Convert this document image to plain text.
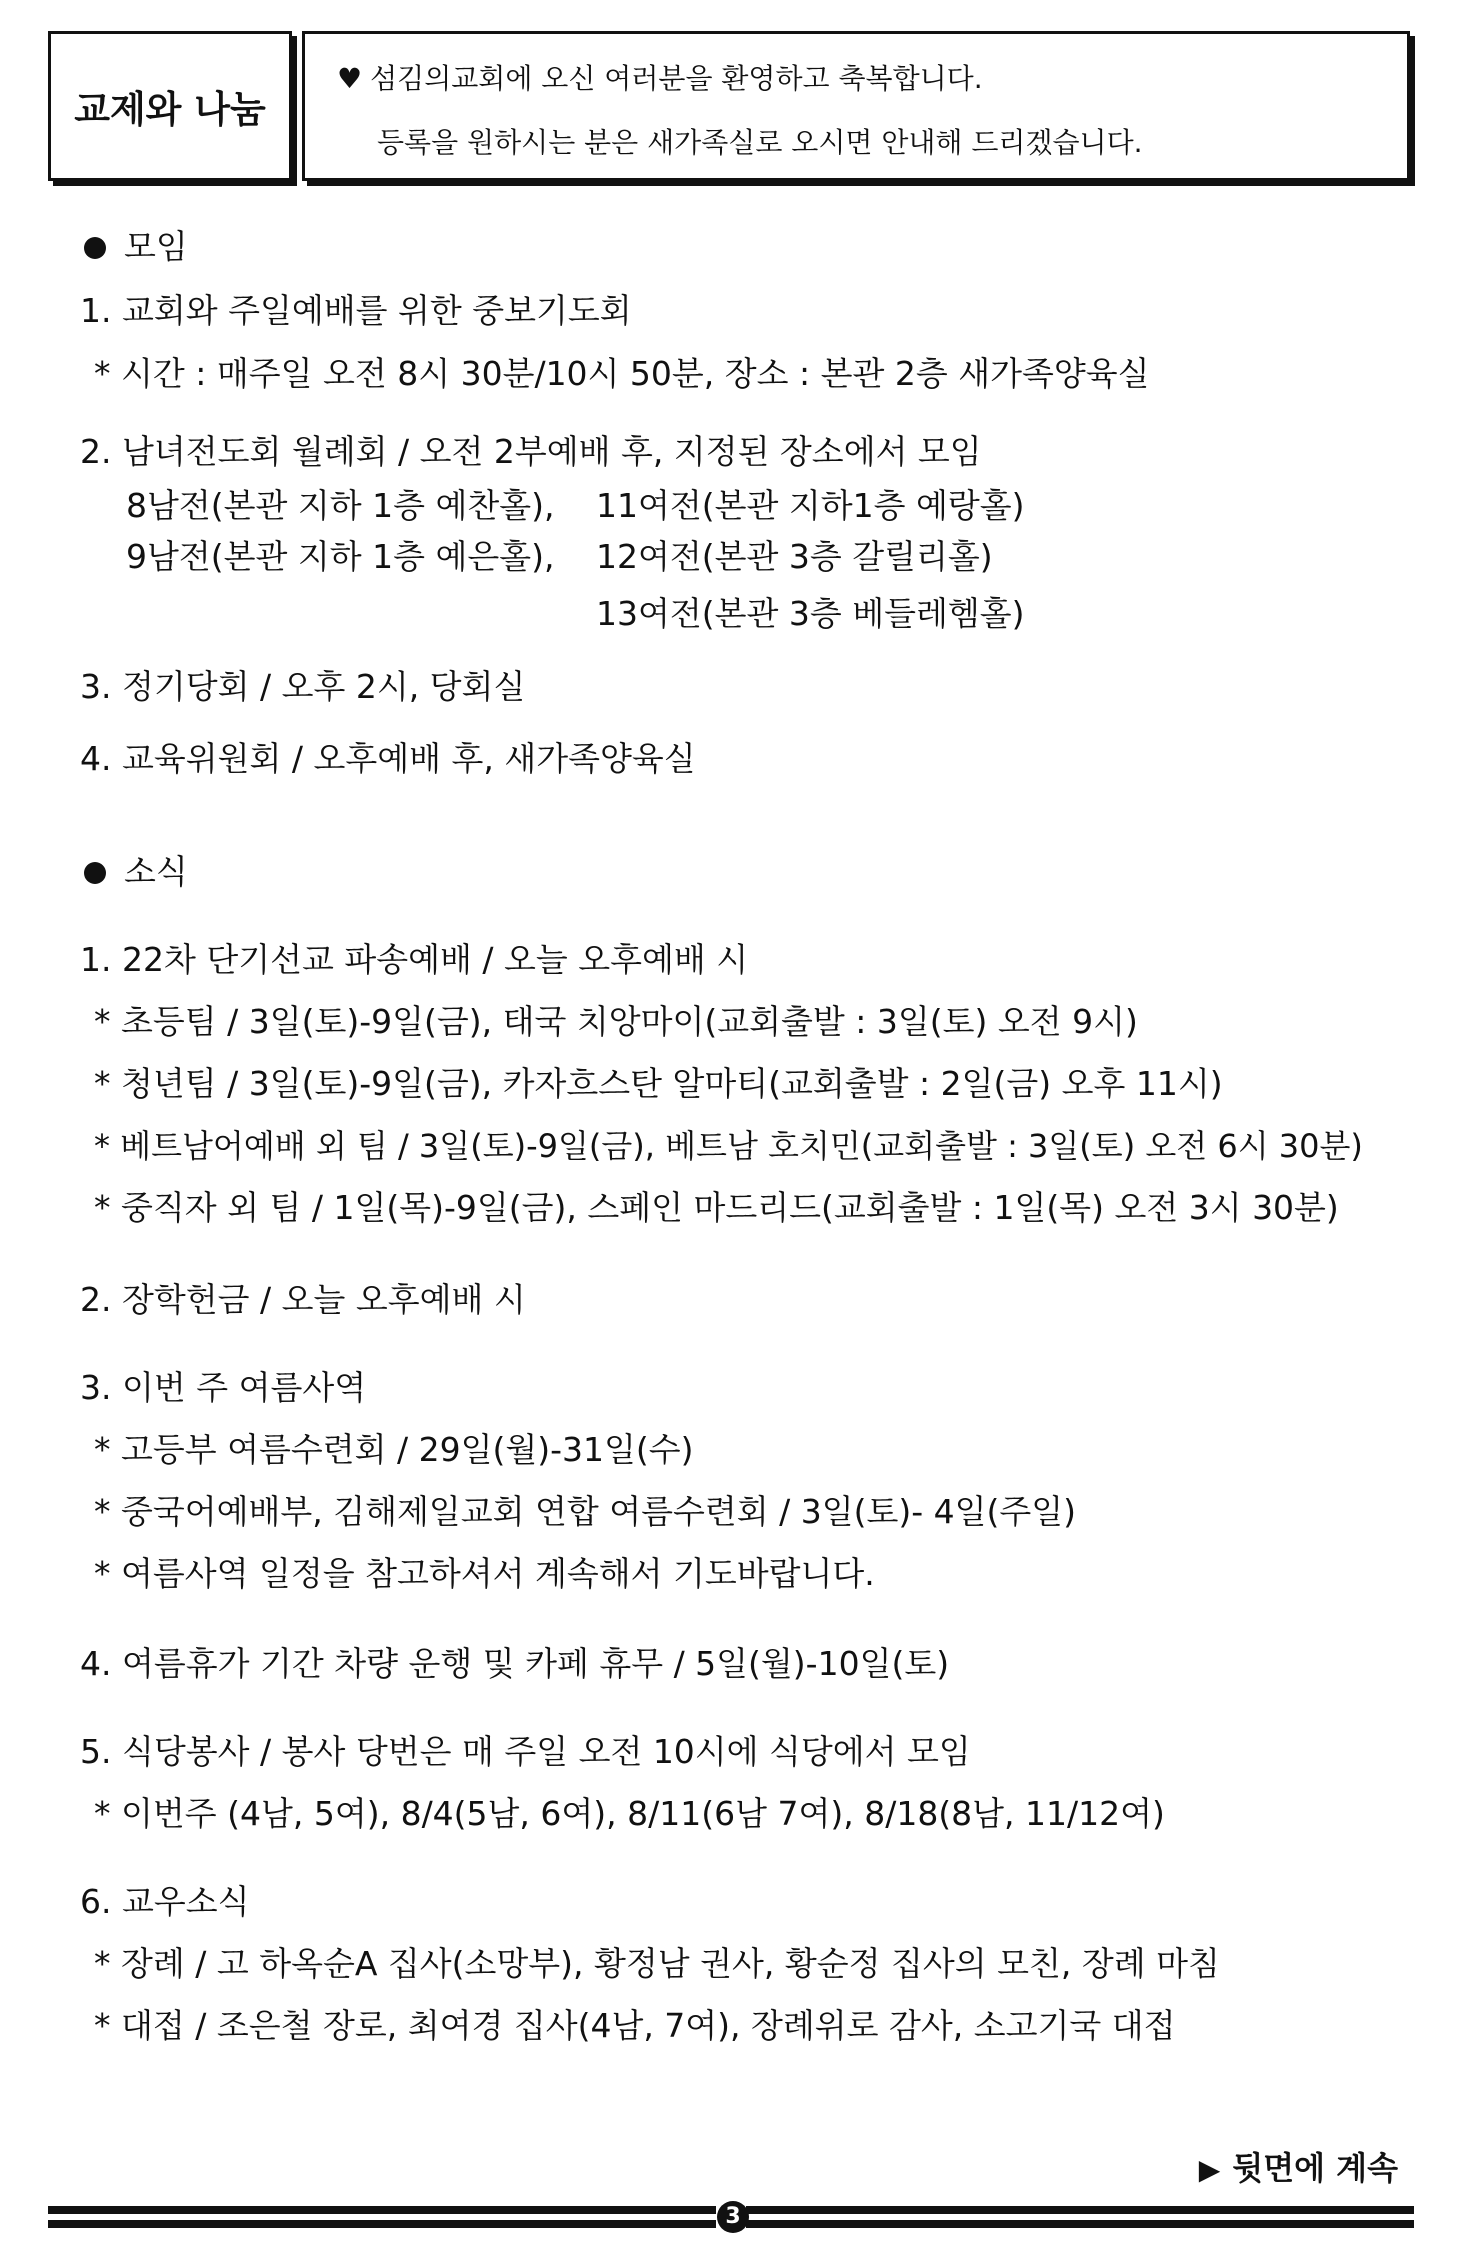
교제와 나눔
♥ 섬김의교회에 오신 여러분을 환영하고 축복합니다.
등록을 원하시는 분은 새가족실로 오시면 안내해 드리겠습니다.
모임
1. 교회와 주일예배를 위한 중보기도회
* 시간 : 매주일 오전 8시 30분/10시 50분, 장소 : 본관 2층 새가족양육실
2. 남녀전도회 월례회 / 오전 2부예배 후, 지정된 장소에서 모임
8남전(본관 지하 1층 예찬홀), 11여전(본관 지하1층 예랑홀)
9남전(본관 지하 1층 예은홀), 12여전(본관 3층 갈릴리홀)
13여전(본관 3층 베들레헴홀)
3. 정기당회 / 오후 2시, 당회실
4. 교육위원회 / 오후예배 후, 새가족양육실
소식
1. 22차 단기선교 파송예배 / 오늘 오후예배 시
* 초등팀 / 3일(토)-9일(금), 태국 치앙마이(교회출발 : 3일(토) 오전 9시)
* 청년팀 / 3일(토)-9일(금), 카자흐스탄 알마티(교회출발 : 2일(금) 오후 11시)
* 베트남어예배 외 팀 / 3일(토)-9일(금), 베트남 호치민(교회출발 : 3일(토) 오전 6시 30분)
* 중직자 외 팀 / 1일(목)-9일(금), 스페인 마드리드(교회출발 : 1일(목) 오전 3시 30분)
2. 장학헌금 / 오늘 오후예배 시
3. 이번 주 여름사역
* 고등부 여름수련회 / 29일(월)-31일(수)
* 중국어예배부, 김해제일교회 연합 여름수련회 / 3일(토)- 4일(주일)
* 여름사역 일정을 참고하셔서 계속해서 기도바랍니다.
4. 여름휴가 기간 차량 운행 및 카페 휴무 / 5일(월)-10일(토)
5. 식당봉사 / 봉사 당번은 매 주일 오전 10시에 식당에서 모임
* 이번주 (4남, 5여), 8/4(5남, 6여), 8/11(6남 7여), 8/18(8남, 11/12여)
6. 교우소식
* 장례 / 고 하옥순A 집사(소망부), 황정남 권사, 황순정 집사의 모친, 장례 마침
* 대접 / 조은철 장로, 최여경 집사(4남, 7여), 장례위로 감사, 소고기국 대접
▶ 뒷면에 계속
3
